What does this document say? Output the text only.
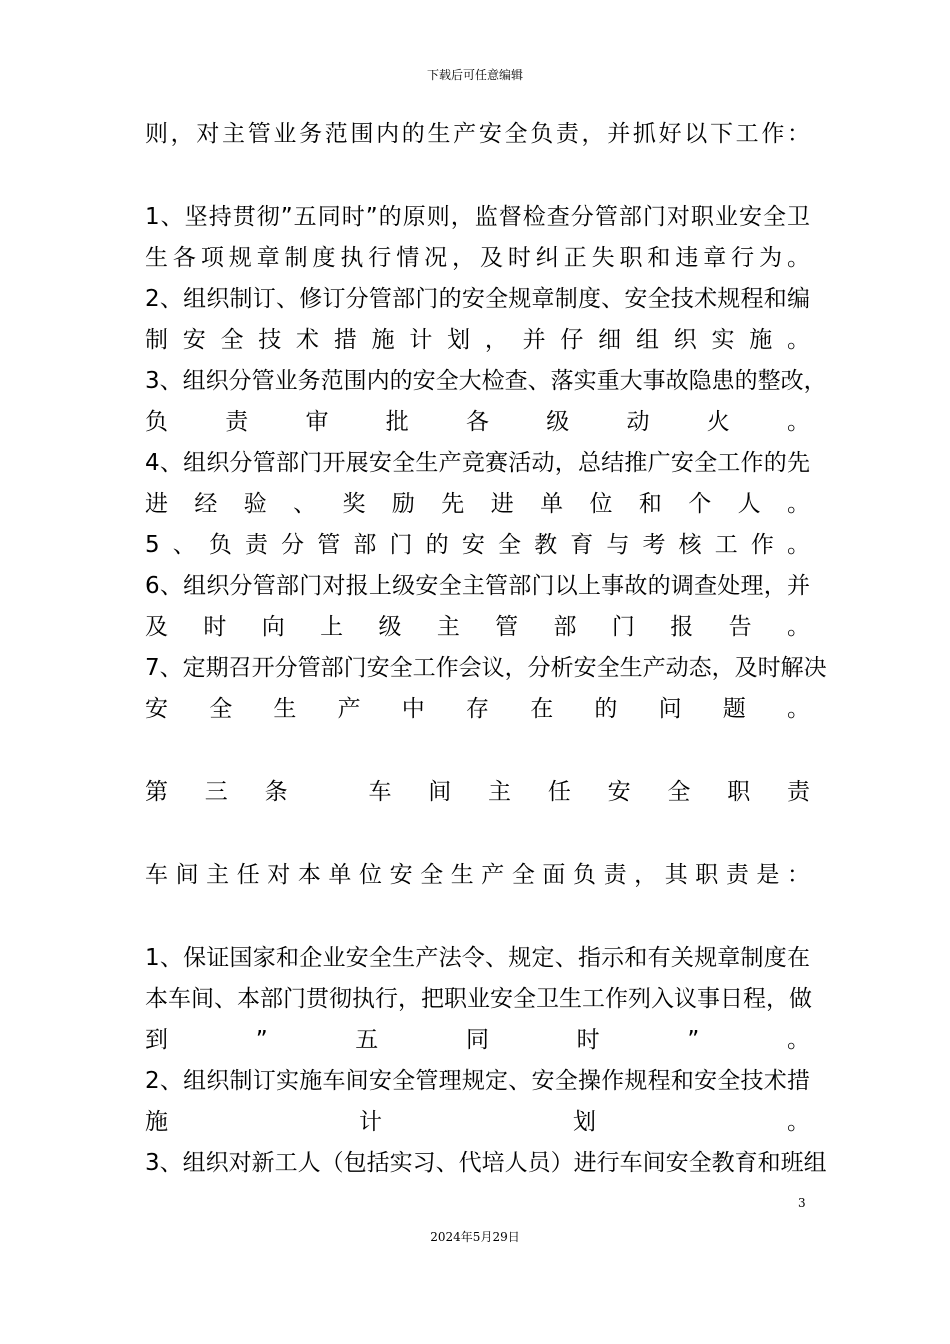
下载后可任意编辑
则，对主管业务范围内的生产安全负责，并抓好以下工作：
1、坚持贯彻”五同时”的原则，监督检查分管部门对职业安全卫
生各项规章制度执行情况，及时纠正失职和违章行为。
2、组织制订、修订分管部门的安全规章制度、安全技术规程和编
制安全技术措施计划，并仔细组织实施。
3、组织分管业务范围内的安全大检查、落实重大事故隐患的整改，
负责审批各级动火。
4、组织分管部门开展安全生产竞赛活动，总结推广安全工作的先
进经验、奖励先进单位和个人。
5、负责分管部门的安全教育与考核工作。
6、组织分管部门对报上级安全主管部门以上事故的调查处理，并
及时向上级主管部门报告。
7、定期召开分管部门安全工作会议，分析安全生产动态，及时解决
安全生产中存在的问题。
第三条 车间主任安全职责
车间主任对本单位安全生产全面负责，其职责是：
1、保证国家和企业安全生产法令、规定、指示和有关规章制度在
本车间、本部门贯彻执行，把职业安全卫生工作列入议事日程，做
到”五同时”。
2、组织制订实施车间安全管理规定、安全操作规程和安全技术措
施计划。
3、组织对新工人（包括实习、代培人员）进行车间安全教育和班组
3
2024年5月29日
